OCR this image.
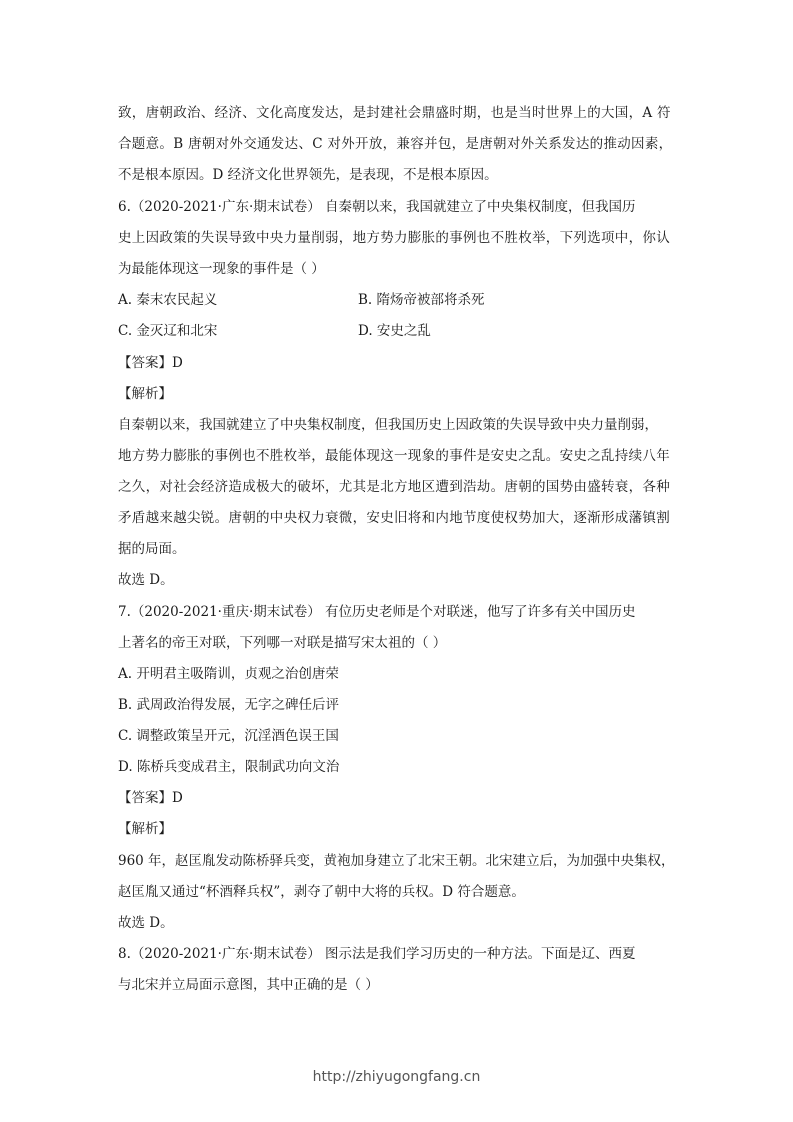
致，唐朝政治、经济、文化高度发达，是封建社会鼎盛时期，也是当时世界上的大国，A 符
合题意。B 唐朝对外交通发达、C 对外开放，兼容并包，是唐朝对外关系发达的推动因素，
不是根本原因。D 经济文化世界领先，是表现，不是根本原因。
6.（2020-2021·广东·期末试卷） 自秦朝以来，我国就建立了中央集权制度，但我国历
史上因政策的失误导致中央力量削弱，地方势力膨胀的事例也不胜枚举，下列选项中，你认
为最能体现这一现象的事件是（ ）
A. 秦末农民起义	B. 隋炀帝被部将杀死
C. 金灭辽和北宋	D. 安史之乱
【答案】D
【解析】
自秦朝以来，我国就建立了中央集权制度，但我国历史上因政策的失误导致中央力量削弱，
地方势力膨胀的事例也不胜枚举，最能体现这一现象的事件是安史之乱。安史之乱持续八年
之久，对社会经济造成极大的破坏，尤其是北方地区遭到浩劫。唐朝的国势由盛转衰，各种
矛盾越来越尖锐。唐朝的中央权力衰微，安史旧将和内地节度使权势加大，逐渐形成藩镇割
据的局面。
故选 D。
7.（2020-2021·重庆·期末试卷） 有位历史老师是个对联迷，他写了许多有关中国历史
上著名的帝王对联，下列哪一对联是描写宋太祖的（ ）
A. 开明君主吸隋训，贞观之治创唐荣
B. 武周政治得发展，无字之碑任后评
C. 调整政策呈开元，沉淫酒色误王国
D. 陈桥兵变成君主，限制武功向文治
【答案】D
【解析】
960 年，赵匡胤发动陈桥驿兵变，黄袍加身建立了北宋王朝。北宋建立后，为加强中央集权，
赵匡胤又通过“杯酒释兵权”，剥夺了朝中大将的兵权。D 符合题意。
故选 D。
8.（2020-2021·广东·期末试卷） 图示法是我们学习历史的一种方法。下面是辽、西夏
与北宋并立局面示意图，其中正确的是（ ）
http://zhiyugongfang.cn
